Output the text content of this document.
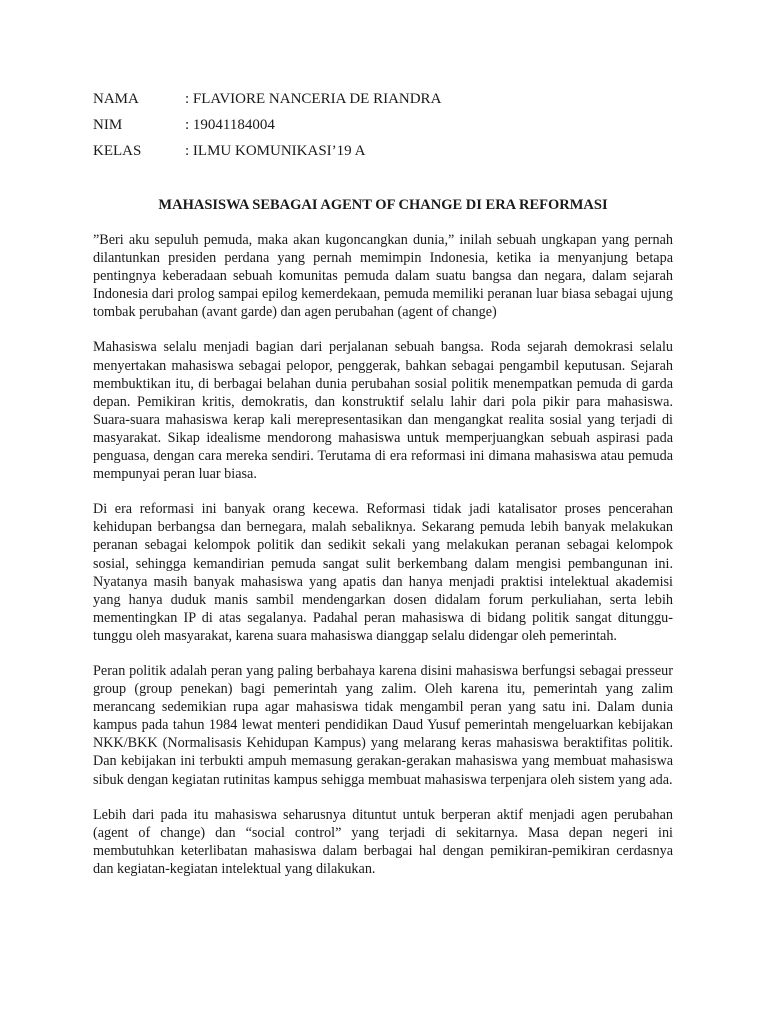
NAMA	: FLAVIORE NANCERIA DE RIANDRA
NIM	: 19041184004
KELAS	: ILMU KOMUNIKASI’19 A
MAHASISWA SEBAGAI AGENT OF CHANGE DI ERA REFORMASI

”Beri aku sepuluh pemuda, maka akan kugoncangkan dunia,” inilah sebuah ungkapan yang pernah dilantunkan presiden perdana yang pernah memimpin Indonesia, ketika ia menyanjung betapa pentingnya keberadaan sebuah komunitas pemuda dalam suatu bangsa dan negara, dalam sejarah Indonesia dari prolog sampai epilog kemerdekaan, pemuda memiliki peranan luar biasa sebagai ujung tombak perubahan (avant garde) dan agen perubahan (agent of change)

Mahasiswa selalu menjadi bagian dari perjalanan sebuah bangsa. Roda sejarah demokrasi selalu menyertakan mahasiswa sebagai pelopor, penggerak, bahkan sebagai pengambil keputusan. Sejarah membuktikan itu, di berbagai belahan dunia perubahan sosial politik menempatkan pemuda di garda depan. Pemikiran kritis, demokratis, dan konstruktif selalu lahir dari pola pikir para mahasiswa. Suara-suara mahasiswa kerap kali merepresentasikan dan mengangkat realita sosial yang terjadi di masyarakat. Sikap idealisme mendorong mahasiswa untuk memperjuangkan sebuah aspirasi pada penguasa, dengan cara mereka sendiri. Terutama di era reformasi ini dimana mahasiswa atau pemuda mempunyai peran luar biasa.

Di era reformasi ini banyak orang kecewa. Reformasi tidak jadi katalisator proses pencerahan kehidupan berbangsa dan bernegara, malah sebaliknya. Sekarang pemuda lebih banyak melakukan peranan sebagai kelompok politik dan sedikit sekali yang melakukan peranan sebagai kelompok sosial, sehingga kemandirian pemuda sangat sulit berkembang dalam mengisi pembangunan ini. Nyatanya masih banyak mahasiswa yang apatis dan hanya menjadi praktisi intelektual akademisi yang hanya duduk manis sambil mendengarkan dosen didalam forum perkuliahan, serta lebih mementingkan IP di atas segalanya. Padahal peran mahasiswa di bidang politik sangat ditunggu-tunggu oleh masyarakat, karena suara mahasiswa dianggap selalu didengar oleh pemerintah.

Peran politik adalah peran yang paling berbahaya karena disini mahasiswa berfungsi sebagai presseur group (group penekan) bagi pemerintah yang zalim. Oleh karena itu, pemerintah yang zalim merancang sedemikian rupa agar mahasiswa tidak mengambil peran yang satu ini. Dalam dunia kampus pada tahun 1984 lewat menteri pendidikan Daud Yusuf pemerintah mengeluarkan kebijakan NKK/BKK (Normalisasis Kehidupan Kampus) yang melarang keras mahasiswa beraktifitas politik. Dan kebijakan ini terbukti ampuh memasung gerakan-gerakan mahasiswa yang membuat mahasiswa sibuk dengan kegiatan rutinitas kampus sehigga membuat mahasiswa terpenjara oleh sistem yang ada.

Lebih dari pada itu mahasiswa seharusnya dituntut untuk berperan aktif menjadi agen perubahan (agent of change) dan “social control” yang terjadi di sekitarnya. Masa depan negeri ini membutuhkan keterlibatan mahasiswa dalam berbagai hal dengan pemikiran-pemikiran cerdasnya dan kegiatan-kegiatan intelektual yang dilakukan.
